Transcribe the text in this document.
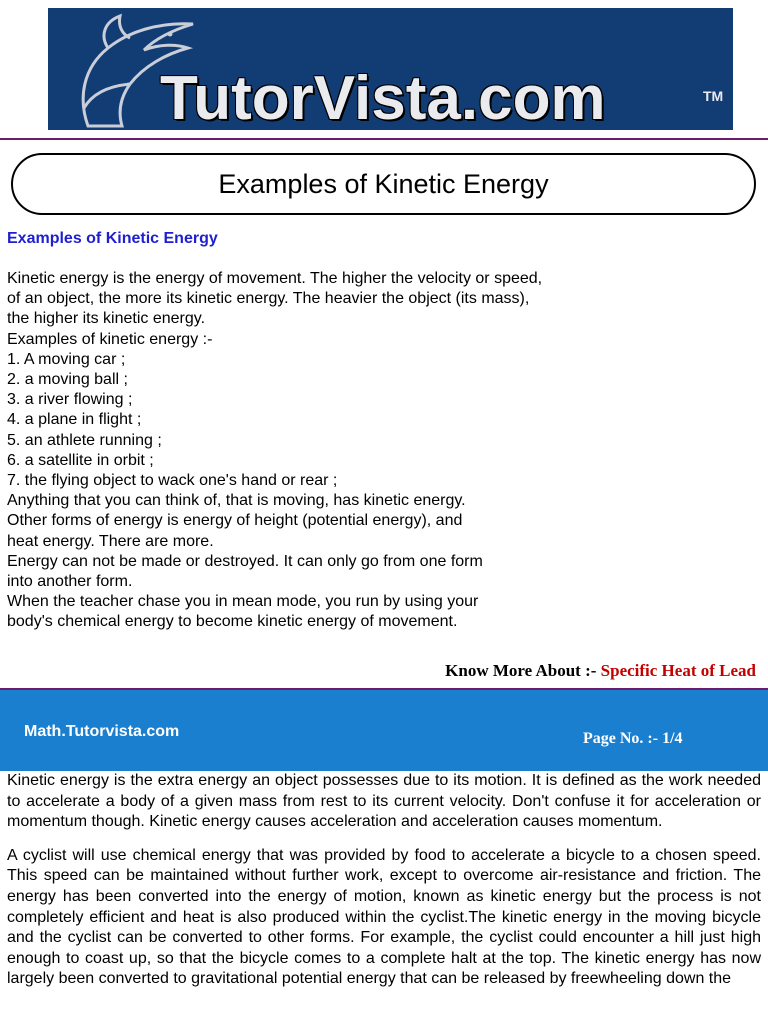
TutorVista.com	TM
Examples of Kinetic Energy
Examples of Kinetic Energy
Kinetic energy is the energy of movement. The higher the velocity or speed,
of an object, the more its kinetic energy. The heavier the object (its mass),
the higher its kinetic energy.
Examples of kinetic energy :-
1. A moving car ;
2. a moving ball ;
3. a river flowing ;
4. a plane in flight ;
5. an athlete running ;
6. a satellite in orbit ;
7. the flying object to wack one's hand or rear ;
Anything that you can think of, that is moving, has kinetic energy.
Other forms of energy is energy of height (potential energy), and
heat energy. There are more.
Energy can not be made or destroyed. It can only go from one form
into another form.
When the teacher chase you in mean mode, you run by using your
body's chemical energy to become kinetic energy of movement.
Know More About :- Specific Heat of Lead
Math.Tutorvista.com	Page No. :- 1/4

Kinetic energy is the extra energy an object possesses due to its motion. It is defined as the work needed to accelerate a body of a given mass from rest to its current velocity. Don't confuse it for acceleration or momentum though. Kinetic energy causes acceleration and acceleration causes momentum.

A cyclist will use chemical energy that was provided by food to accelerate a bicycle to a chosen speed. This speed can be maintained without further work, except to overcome air-resistance and friction. The energy has been converted into the energy of motion, known as kinetic energy but the process is not completely efficient and heat is also produced within the cyclist.The kinetic energy in the moving bicycle and the cyclist can be converted to other forms. For example, the cyclist could encounter a hill just high enough to coast up, so that the bicycle comes to a complete halt at the top. The kinetic energy has now largely been converted to gravitational potential energy that can be released by freewheeling down the
